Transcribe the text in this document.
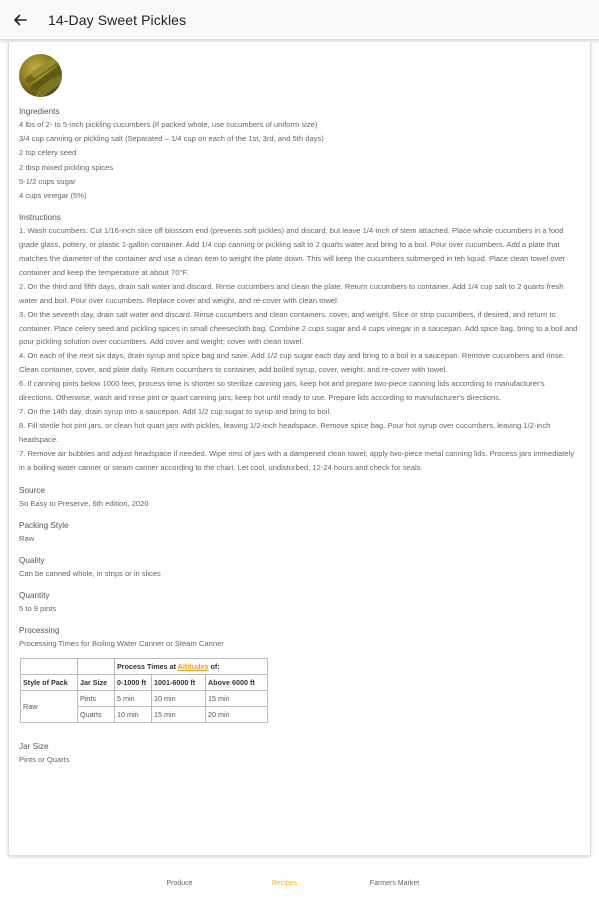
14-Day Sweet Pickles
Ingredients
4 lbs of 2- to 5-inch pickling cucumbers (If packed whole, use cucumbers of uniform size)
3/4 cup canning or pickling salt (Separated – 1/4 cup on each of the 1st, 3rd, and 5th days)
2 tsp celery seed
2 tbsp mixed pickling spices
5-1/2 cups sugar
4 cups vinegar (5%)
Instructions
1. Wash cucumbers. Cut 1/16-inch slice off blossom end (prevents soft pickles) and discard, but leave 1/4-inch of stem attached. Place whole cucumbers in a food grade glass, pottery, or plastic 1-gallon container. Add 1/4 cup canning or pickling salt to 2 quarts water and bring to a boil. Pour over cucumbers. Add a plate that matches the diameter of the container and use a clean item to weight the plate down. This will keep the cucumbers submerged in teh liquid. Place clean towel over container and keep the temperature at about 70°F.
2. On the third and fifth days, drain salt water and discard. Rinse cucumbers and clean the plate. Return cucumbers to container. Add 1/4 cup salt to 2 quarts fresh water and boil. Pour over cucumbers. Replace cover and weight, and re-cover with clean towel.
3. On the seventh day, drain salt water and discard. Rinse cucumbers and clean containers, cover, and weight. Slice or strip cucumbers, if desired, and return to container. Place celery seed and pickling spices in small cheesecloth bag. Combine 2 cups sugar and 4 cups vinegar in a saucepan. Add spice bag, bring to a boil and pour pickling solution over cucumbers. Add cover and weight; cover with clean towel.
4. On each of the next six days, drain syrup and spice bag and save. Add 1/2 cup sugar each day and bring to a boil in a saucepan. Remove cucumbers and rinse. Clean container, cover, and plate daily. Return cucumbers to container, add boiled syrup, cover, weight, and re-cover with towel.
6. If canning pints below 1000 feet, process time is shorter so sterilize canning jars, keep hot and prepare two-piece canning lids according to manufacturer's directions. Otherwise, wash and rinse pint or quart canning jars; keep hot until ready to use. Prepare lids according to manufacturer's directions.
7. On the 14th day, drain syrup into a saucepan. Add 1/2 cup sugar to syrup and bring to boil.
8. Fill sterile hot pint jars, or clean hot quart jars with pickles, leaving 1/2-inch headspace. Remove spice bag. Pour hot syrup over cucumbers, leaving 1/2-inch headspace.
7. Remove air bubbles and adjust headspace if needed. Wipe rims of jars with a dampened clean towel; apply two-piece metal canning lids. Process jars immediately in a boiling water canner or steam canner according to the chart. Let cool, undisturbed, 12-24 hours and check for seals.
Source
So Easy to Preserve, 6th edition, 2020
Packing Style
Raw
Quality
Can be canned whole, in strips or in slices
Quantity
5 to 9 pints
Processing
Processing Times for Boiling Water Canner or Steam Canner
		Process Times at Altitudes of:		
Style of Pack	Jar Size	0-1000 ft	1001-6000 ft	Above 6000 ft
Raw	Pints	5 min	10 min	15 min
	Quarts	10 min	15 min	20 min
Jar Size
Pints or Quarts
Produce	Recipes	Farmers Market
